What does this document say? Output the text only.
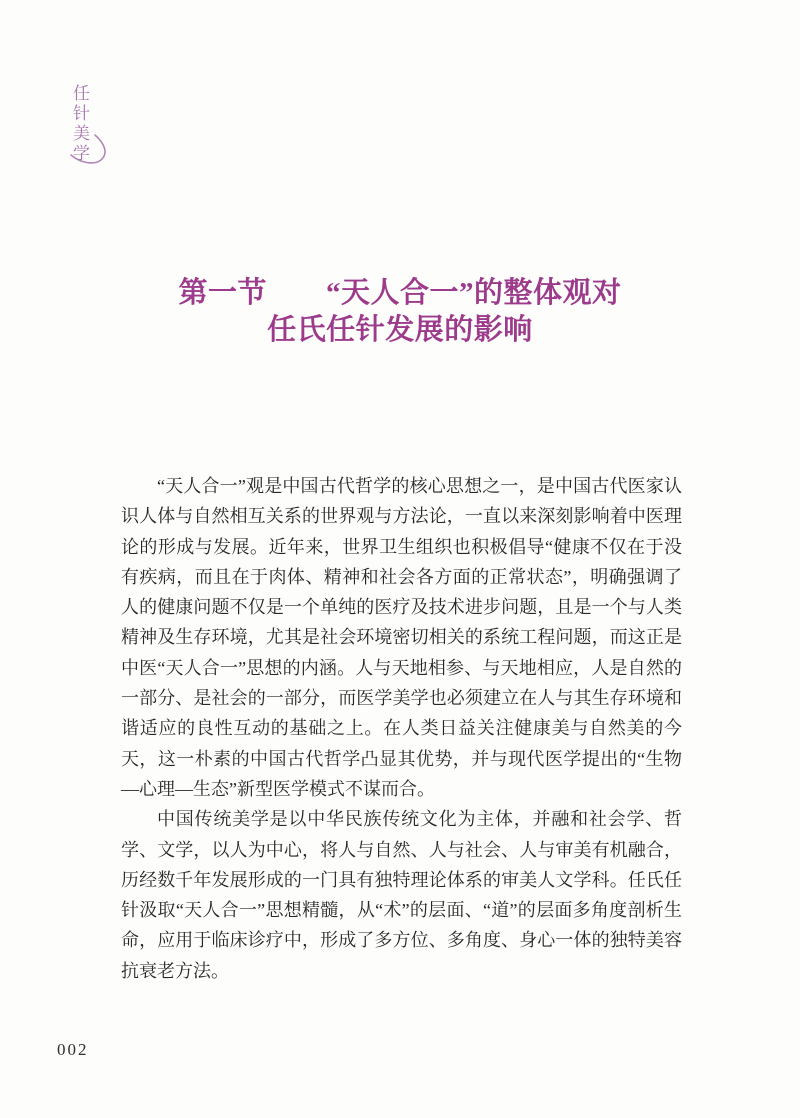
任针美学
第一节　　“天人合一”的整体观对
任氏任针发展的影响

“天人合一”观是中国古代哲学的核心思想之一，是中国古代医家认识人体与自然相互关系的世界观与方法论，一直以来深刻影响着中医理论的形成与发展。近年来，世界卫生组织也积极倡导“健康不仅在于没有疾病，而且在于肉体、精神和社会各方面的正常状态”，明确强调了人的健康问题不仅是一个单纯的医疗及技术进步问题，且是一个与人类精神及生存环境，尤其是社会环境密切相关的系统工程问题，而这正是中医“天人合一”思想的内涵。人与天地相参、与天地相应，人是自然的一部分、是社会的一部分，而医学美学也必须建立在人与其生存环境和谐适应的良性互动的基础之上。在人类日益关注健康美与自然美的今天，这一朴素的中国古代哲学凸显其优势，并与现代医学提出的“生物—心理—生态”新型医学模式不谋而合。

中国传统美学是以中华民族传统文化为主体，并融和社会学、哲学、文学，以人为中心，将人与自然、人与社会、人与审美有机融合，历经数千年发展形成的一门具有独特理论体系的审美人文学科。任氏任针汲取“天人合一”思想精髓，从“术”的层面、“道”的层面多角度剖析生命，应用于临床诊疗中，形成了多方位、多角度、身心一体的独特美容抗衰老方法。

002
